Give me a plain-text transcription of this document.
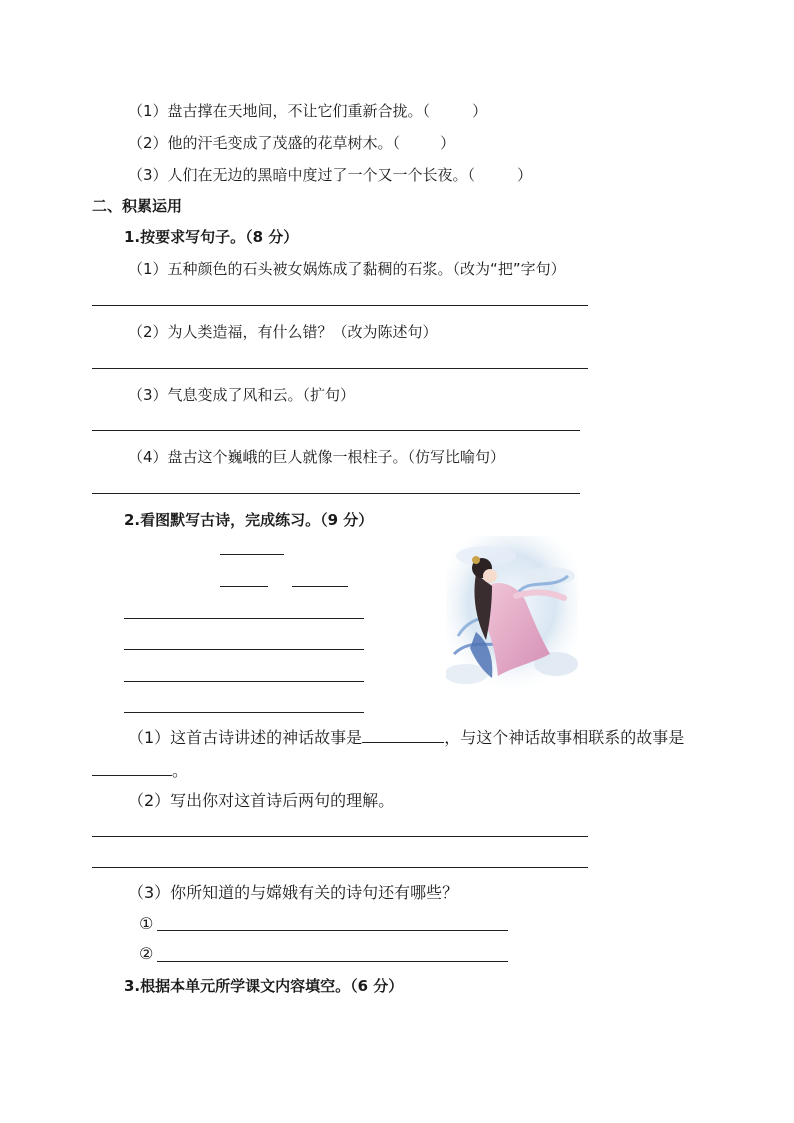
（1）盘古撑在天地间，不让它们重新合拢。（	）
（2）他的汗毛变成了茂盛的花草树木。（	）
（3）人们在无边的黑暗中度过了一个又一个长夜。（	）
二、积累运用
1.按要求写句子。（8 分）
（1）五种颜色的石头被女娲炼成了黏稠的石浆。（改为“把”字句）
（2）为人类造福，有什么错？（改为陈述句）
（3）气息变成了风和云。（扩句）
（4）盘古这个巍峨的巨人就像一根柱子。（仿写比喻句）
2.看图默写古诗，完成练习。（9 分）
（1）这首古诗讲述的神话故事是	，与这个神话故事相联系的故事是
。
（2）写出你对这首诗后两句的理解。
（3）你所知道的与嫦娥有关的诗句还有哪些？
①
②
3.根据本单元所学课文内容填空。（6 分）
